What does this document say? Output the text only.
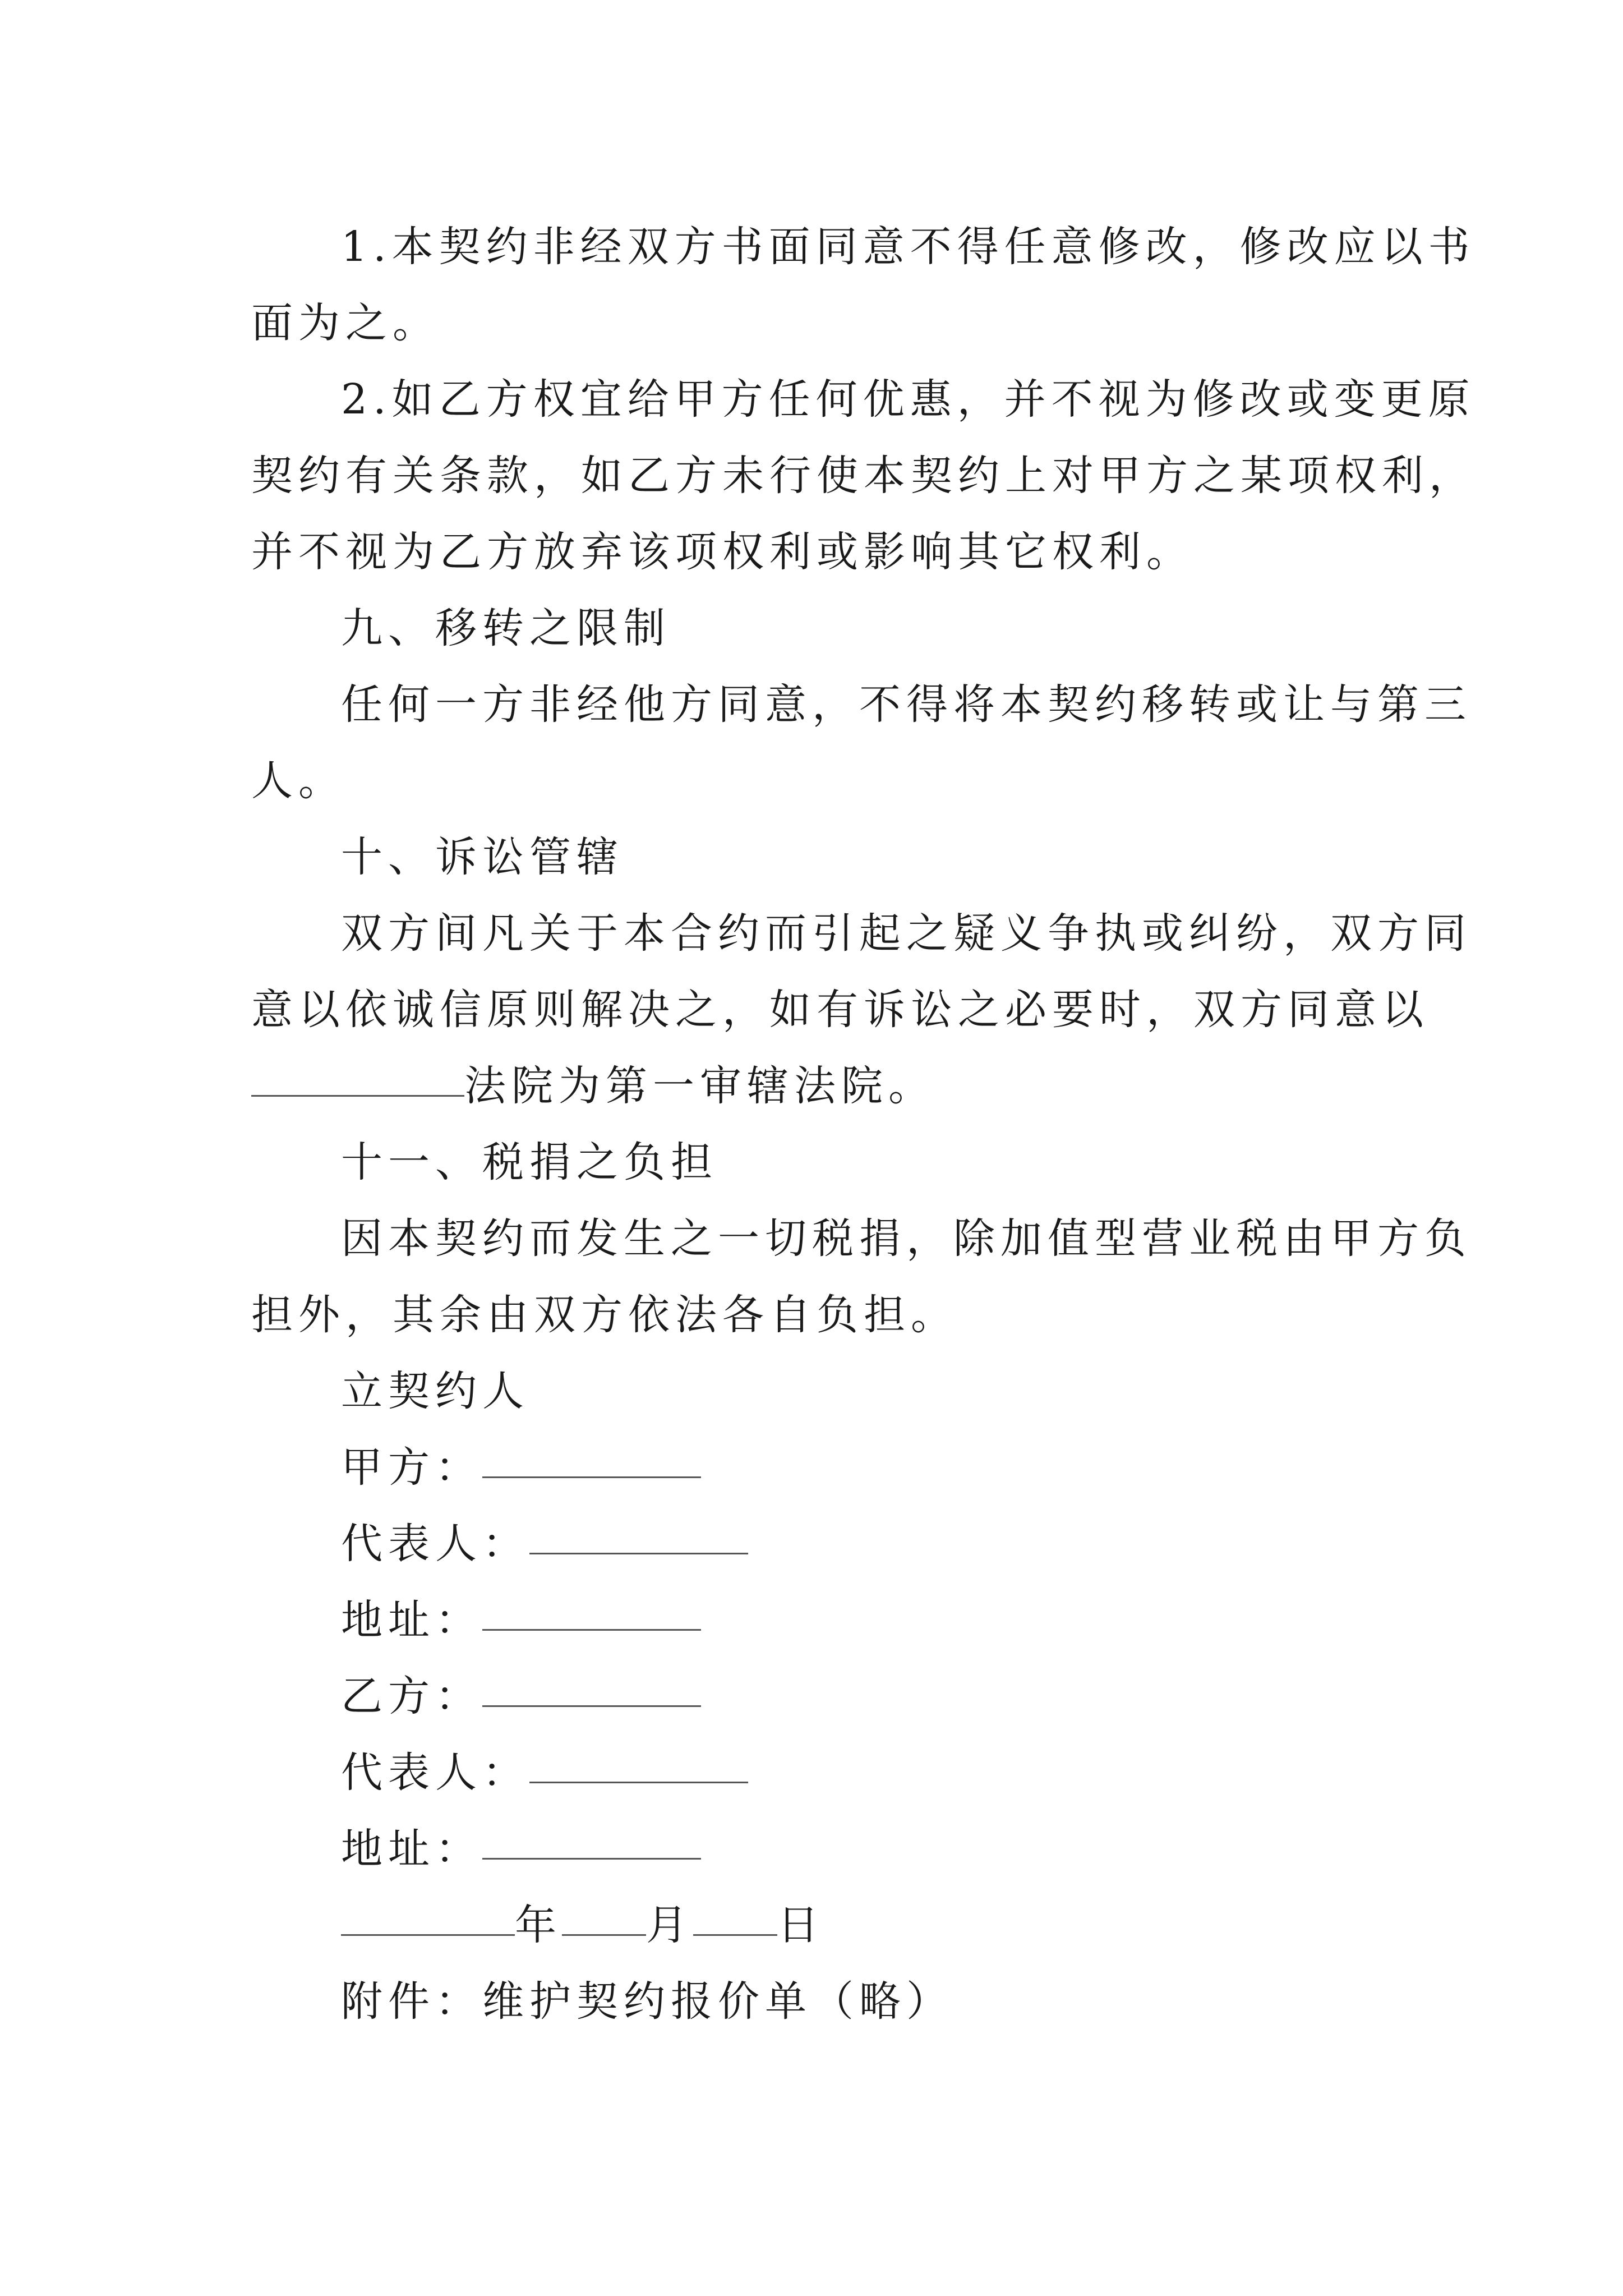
1.本契约非经双方书面同意不得任意修改，修改应以书

面为之。

2.如乙方权宜给甲方任何优惠，并不视为修改或变更原

契约有关条款，如乙方未行使本契约上对甲方之某项权利，

并不视为乙方放弃该项权利或影响其它权利。

九、移转之限制

任何一方非经他方同意，不得将本契约移转或让与第三

人。

十、诉讼管辖

双方间凡关于本合约而引起之疑义争执或纠纷，双方同

意以依诚信原则解决之，如有诉讼之必要时，双方同意以

法院为第一审辖法院。

十一、税捐之负担

因本契约而发生之一切税捐，除加值型营业税由甲方负

担外，其余由双方依法各自负担。

立契约人

甲方：

代表人：

地址：

乙方：

代表人：

地址：

年 月 日

附件：维护契约报价单（略）
